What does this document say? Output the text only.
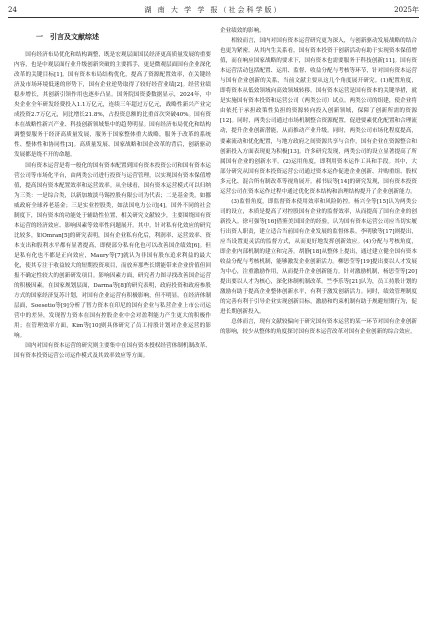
24	湖 南 大 学 学 报（社会科学版）	2025年
一　 引言及文献综述

国有经济布局优化和结构调整，既是宏观层面国民经济更高质量发展的重要内容，也是中观层面行业升级创新突破的主要抓手，更是微观层面国有企业深化改革的关键目标[1]。国有资本布局结构优化，提高了资源配置效率，在关键经济及市场环境低迷的形势下，国有企业逆势取得了较好经营业绩[2]。经营业绩稳步增长，其创新引领作用也逐步凸显。国务院国资委数据显示，2024年，中央企业全年研发经费投入1.1万亿元，连续三年超过万亿元，战略性新兴产业完成投资2.7万亿元，同比增长21.8%，占投资总额的比重首次突破40%。国有资本在战略性新兴产业、科技创新领域集中的趋势明显。国有经济布局优化和结构调整要服务于经济高质量发展，服务于国家整体重大战略，服务于改革的系统性、整体性和协同性[3]。高质量发展、国家战略和国企改革的背后，创新驱动发展都是绕不开的命题。

国有资本运营是将一般化的国有资本配置到国有资本投资公司和国有资本运营公司等市场化平台，由两类公司进行投资与运营管理，以实现国有资本保值增值，提高国有资本配置效率和运营效率。从全球看，国有资本运营模式可以归纳为三类：一是综合类，以新加坡淡马锡控股有限公司为代表；二是基金类，如挪威政府全球养老基金；三是实业控股类，如法国电力公司[4]。国外不同的社会制度下，国有资本的功能处于辅助性位置，相关研究文献较少，主要围绕国有资本运营的经济效应、影响因素等效率性问题展开。其中，针对私有化效应的研究比较多，如Omran[5]的研究表明，国有企业私有化后，利润率、运营效率、资本支出和股利水平都有显著提高，即便部分私有化也可以改善国企绩效[6]。但是私有化也不都是正向效应，Maury等[7]就认为非国有股东追求利益的最大化，使其专注于收益较大的短期投资项目，而放弃那些长期能带来企业价值但回报不确定性较大的创新研发项目。影响因素方面，研究者力图寻找改善国企运营的积极因素。在国家规划层面，Darma等[8]的研究表明，政府投资和政府参股方式的国家经济复苏计划，对国有企业运营有积极影响，但不明显。在经济体制层面，Soesetio等[9]分析了智力资本在印尼的国有企业与私营企业上市公司运营中的差异，发现智力资本在国有控股企业中会对盈利能力产生更大的积极作用；在管理效率方面，Kim等[10]则具体研究了员工持股计划对企业运营的影响。

国内对国有资本运营的研究则主要集中在国有资本授权经营体制机制改革、国有资本投资运营公司运作模式及其效率效应等方面。

企业绩效的影响。

相较而言，国内对国有资本运营研究更为深入，与创新驱动发展战略的结合也更为紧密。从其内生关系看，国有资本投资于创新活动有助于实现资本保值增值，而在响应国家战略的要求下，国有资本也需要服务于科技创新[11]。国有资本运营活动包括配置、运用、监督、收益分配与考核等环节，针对国有资本运营与国有企业创新的关系，当前文献主要从这几个角度展开研究。(1)配置角度，即将资本从低效领域向高效领域转移。国有资本运营是国有资本的关键举措，就是实施国有资本投资和运营公司（两类公司）试点。两类公司的组建，使企业将由依托于承担政策性负担的资源转向投入创新领域，保障了创新所需的资源[12]。同时，两类公司通过市场机制整合资源配置，促进要素优化配置和合理流动，提升企业创新潜能，从而推动产业升级。同时，两类公司市场化程度提高，要素流动和优化配置，与地方政府之间资源共享与合作，国有企业在资源整合和创新投入方面表现更为积极[13]。许多研究发现，两类公司的设立显著提高了所属国有企业的创新水平。(2)运用角度，即利用资本运作工具和手段。其中，大部分研究从国有资本投资运营公司通过资本运作促进企业创新、并购重组、股权多元化、混合所有制改革等视角展开。郝书辰等[14]的研究发现，国有资本投资运营公司在资本运作过程中通过优化资本结构和治理结构提升了企业创新能力。

(3)监督角度，即监督资本使用效率和风险防控。杨兴全等[15]认为两类公司的设立，本质是提高了对控股国有企业的监督效率，从而提高了国有企业的创新投入。徐可强等[16]借鉴美国国企的经验，认为国有资本运营公司应当切实履行出资人职责，建立适合当前国有企业发展的监督体系。李明敏等[17]则提出，应当设置更灵活的监督方式，从而更好地发挥创新效应。(4)分配与考核角度，即企业内部机制的建立和完善。胡静[18]从整体上提出，通过建立健全国有资本收益分配与考核机制，能够激发企业创新活力。柳思莹等[19]提出要以人才发展为中心，注重激励作用，从而提升企业创新能力。针对激励机制，杨思莹等[20]提出要以人才为核心，深化体制机制改革。竺李乐等[21]认为，员工持股计划的激励有助于提高企业整体创新水平，有利于激发创新活力。同时，绩效管理制度的完善有利于引导企业实现创新目标，激励和约束机制有助于规避短期行为，促进长期创新投入。

总体而言，现有文献较偏向于研究国有资本运营的某一环节对国有企业创新的影响，较少从整体的角度探讨国有资本运营改革对国有企业创新的综合效应。
